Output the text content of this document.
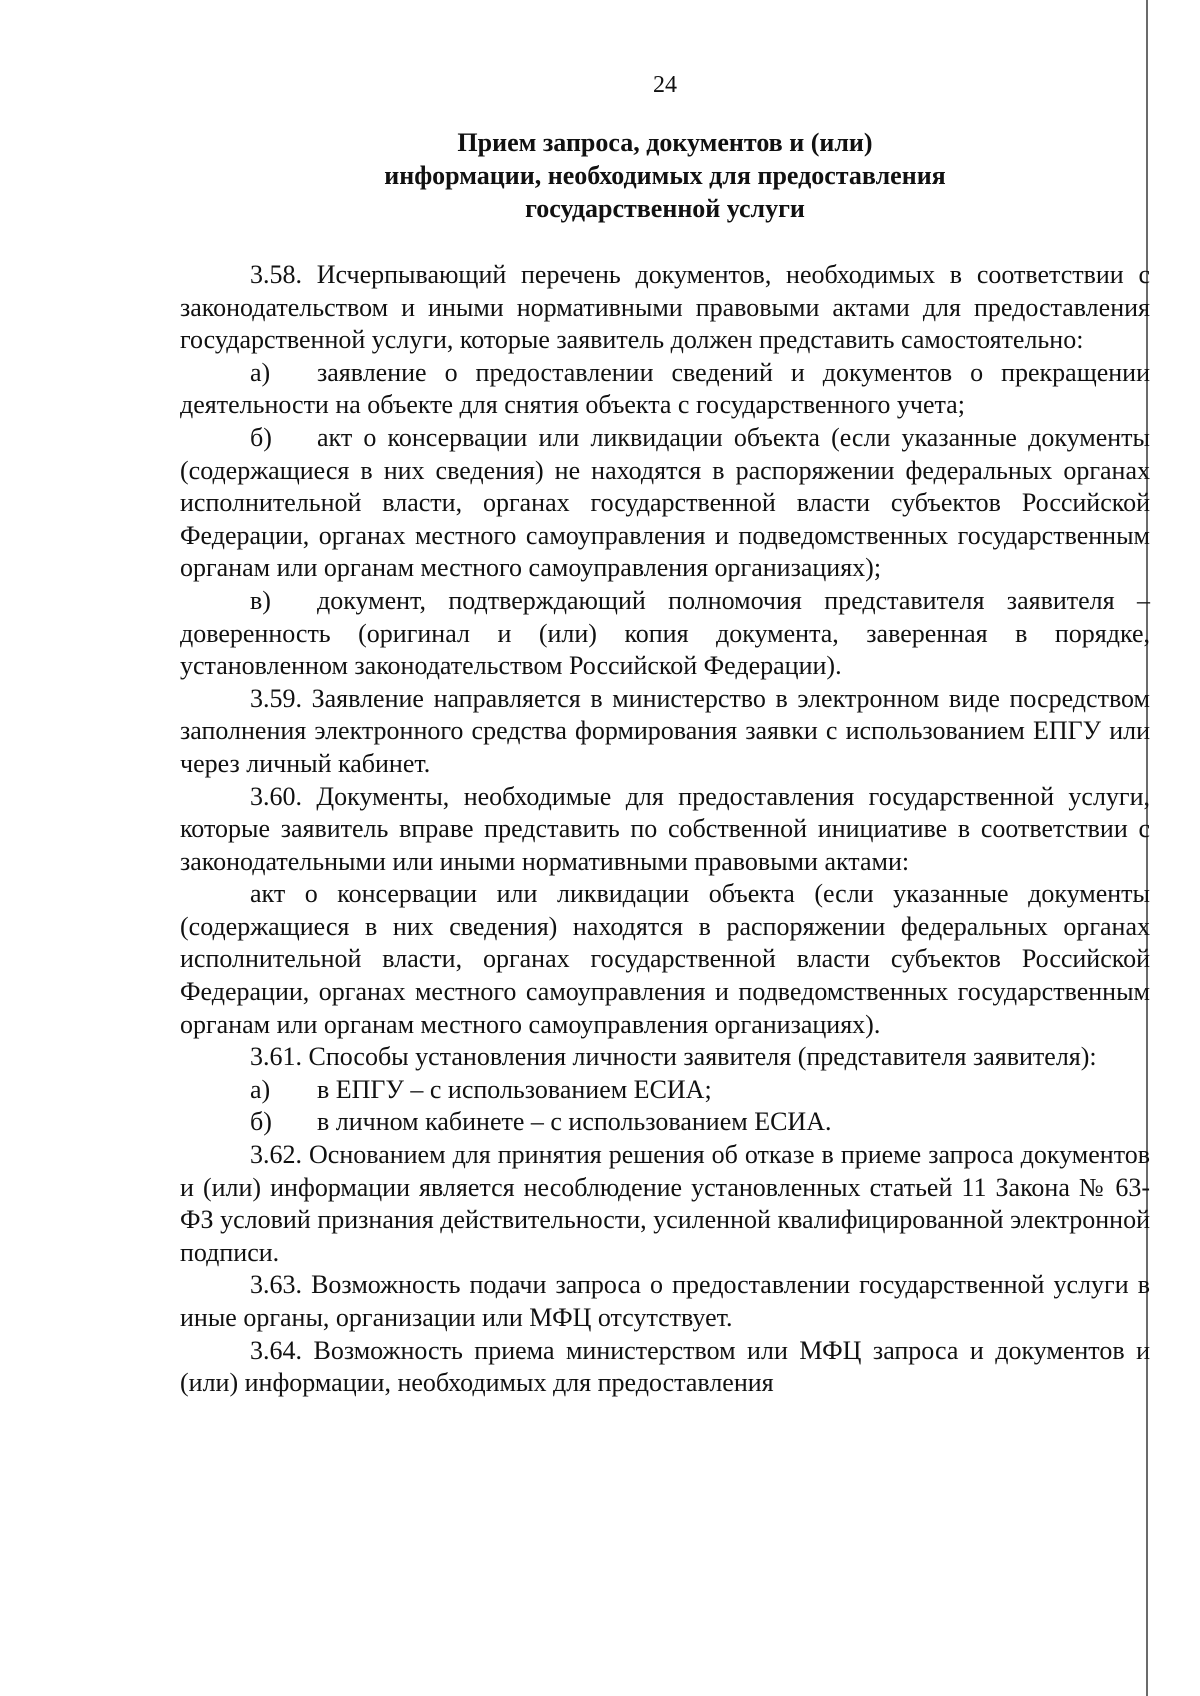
24
Прием запроса, документов и (или)
информации, необходимых для предоставления
государственной услуги

3.58. Исчерпывающий перечень документов, необходимых в соответствии с законодательством и иными нормативными правовыми актами для предоставления государственной услуги, которые заявитель должен представить самостоятельно:

а) заявление о предоставлении сведений и документов о прекращении деятельности на объекте для снятия объекта с государственного учета;

б) акт о консервации или ликвидации объекта (если указанные документы (содержащиеся в них сведения) не находятся в распоряжении федеральных органах исполнительной власти, органах государственной власти субъектов Российской Федерации, органах местного самоуправления и подведомственных государственным органам или органам местного самоуправления организациях);

в) документ, подтверждающий полномочия представителя заявителя – доверенность (оригинал и (или) копия документа, заверенная в порядке, установленном законодательством Российской Федерации).

3.59. Заявление направляется в министерство в электронном виде посредством заполнения электронного средства формирования заявки с использованием ЕПГУ или через личный кабинет.

3.60. Документы, необходимые для предоставления государственной услуги, которые заявитель вправе представить по собственной инициативе в соответствии с законодательными или иными нормативными правовыми актами:

акт о консервации или ликвидации объекта (если указанные документы (содержащиеся в них сведения) находятся в распоряжении федеральных органах исполнительной власти, органах государственной власти субъектов Российской Федерации, органах местного самоуправления и подведомственных государственным органам или органам местного самоуправления организациях).

3.61. Способы установления личности заявителя (представителя заявителя):

а) в ЕПГУ – с использованием ЕСИА;

б) в личном кабинете – с использованием ЕСИА.

3.62. Основанием для принятия решения об отказе в приеме запроса документов и (или) информации является несоблюдение установленных статьей 11 Закона № 63-ФЗ условий признания действительности, усиленной квалифицированной электронной подписи.

3.63. Возможность подачи запроса о предоставлении государственной услуги в иные органы, организации или МФЦ отсутствует.

3.64. Возможность приема министерством или МФЦ запроса и документов и (или) информации, необходимых для предоставления
